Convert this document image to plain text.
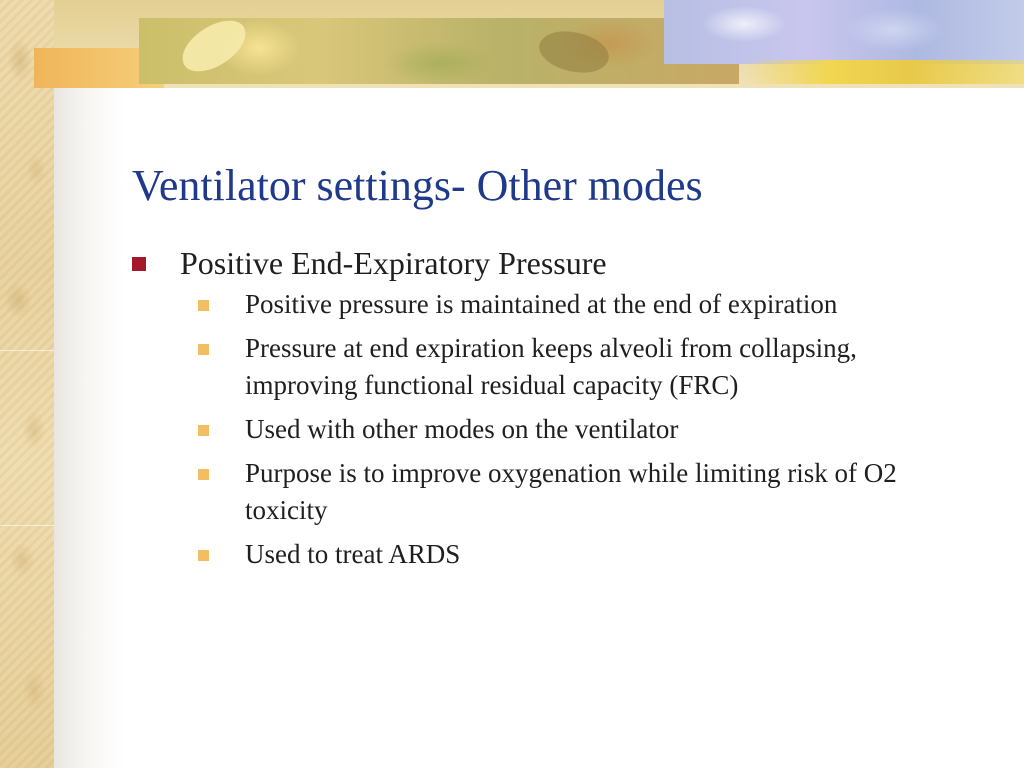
Ventilator settings- Other modes
Positive End-Expiratory Pressure
Positive pressure is maintained at the end of expiration
Pressure at end expiration keeps alveoli from collapsing, improving functional residual capacity (FRC)
Used with other modes on the ventilator
Purpose is to improve oxygenation while limiting risk of O2 toxicity
Used to treat ARDS
